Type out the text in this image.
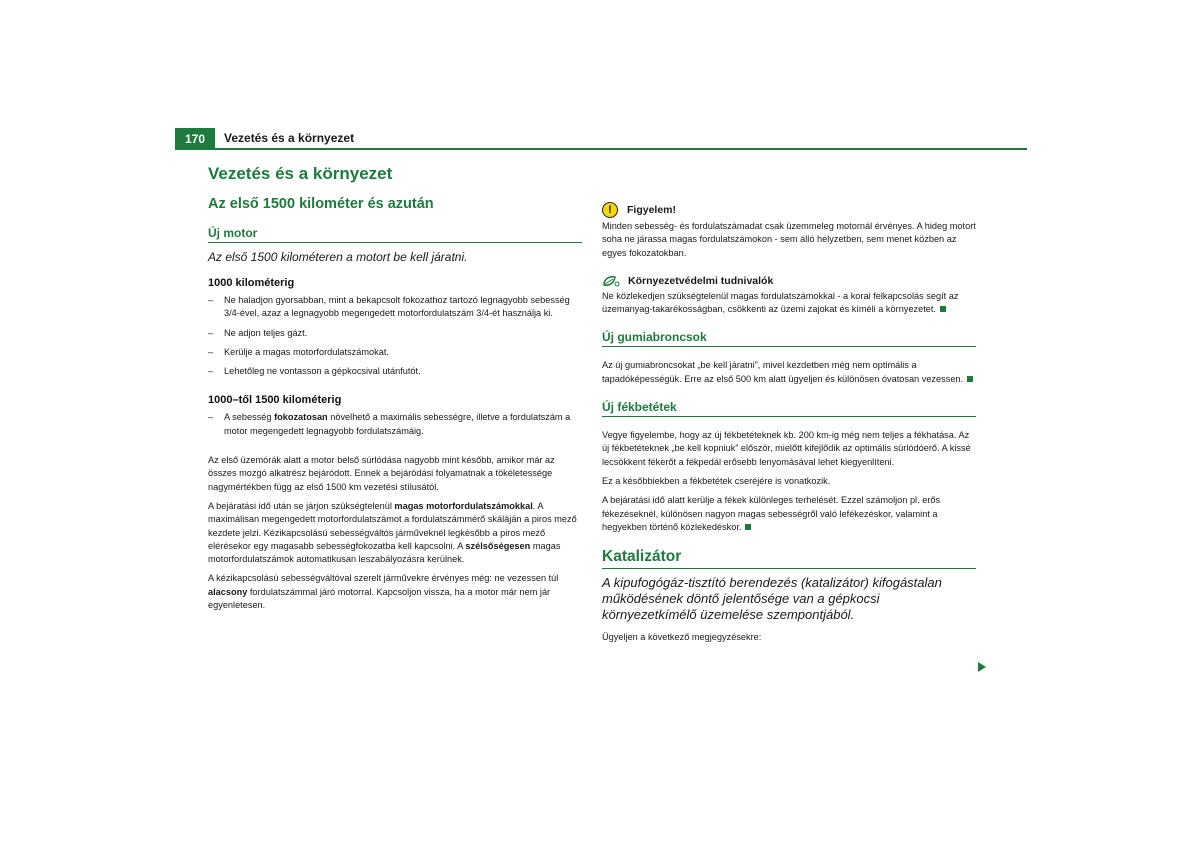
170	Vezetés és a környezet
Vezetés és a környezet
Az első 1500 kilométer és azután
Új motor
Az első 1500 kilométeren a motort be kell járatni.
1000 kilométerig
– Ne haladjon gyorsabban, mint a bekapcsolt fokozathoz tartozó legnagyobb sebesség 3/4-ével, azaz a legnagyobb megengedett motorfordulatszám 3/4-ét használja ki.
– Ne adjon teljes gázt.
– Kerülje a magas motorfordulatszámokat.
– Lehetőleg ne vontasson a gépkocsival utánfutót.
1000–től 1500 kilométerig
– A sebesség fokozatosan növelhető a maximális sebességre, illetve a fordulatszám a motor megengedett legnagyobb fordulatszámáig.

Az első üzemórák alatt a motor belső súrlódása nagyobb mint később, amikor már az összes mozgó alkatrész bejáródott. Ennek a bejáródási folyamatnak a tökéletessége nagymértékben függ az első 1500 km vezetési stílusától.

A bejáratási idő után se járjon szükségtelenül magas motorfordulatszámokkal. A maximálisan megengedett motorfordulatszámot a fordulatszámmérő skáláján a piros mező kezdete jelzi. Kézikapcsolású sebességváltós járműveknél legkésőbb a piros mező elérésekor egy magasabb sebességfokozatba kell kapcsolni. A szélsőségesen magas motorfordulatszámok automatikusan leszabályozásra kerülnek.

A kézikapcsolású sebességváltóval szerelt járművekre érvényes még: ne vezessen túl alacsony fordulatszámmal járó motorral. Kapcsoljon vissza, ha a motor már nem jár egyenletesen.

!	Figyelem!

Minden sebesség- és fordulatszámadat csak üzemmeleg motornál érvényes. A hideg motort soha ne járassa magas fordulatszámokon - sem álló helyzetben, sem menet közben az egyes fokozatokban.

Környezetvédelmi tudnivalók

Ne közlekedjen szükségtelenül magas fordulatszámokkal - a korai felkapcsolás segít az üzemanyag-takarékosságban, csökkenti az üzemi zajokat és kíméli a környezetet.

Új gumiabroncsok

Az új gumiabroncsokat „be kell járatni”, mivel kezdetben még nem optimális a tapadóképességük. Erre az első 500 km alatt ügyeljen és különösen óvatosan vezessen.

Új fékbetétek

Vegye figyelembe, hogy az új fékbetéteknek kb. 200 km-ig még nem teljes a fékhatása. Az új fékbetéteknek „be kell kopniuk” először, mielőtt kifejlődik az optimális súrlódóerő. A kissé lecsökkent fékerőt a fékpedál erősebb lenyomásával lehet kiegyenlíteni.

Ez a későbbiekben a fékbetétek cseréjére is vonatkozik.

A bejáratási idő alatt kerülje a fékek különleges terhelését. Ezzel számoljon pl. erős fékezéseknél, különösen nagyon magas sebességről való lefékezéskor, valamint a hegyekben történő közlekedéskor.

Katalizátor
A kipufogógáz-tisztító berendezés (katalizátor) kifogástalan működésének döntő jelentősége van a gépkocsi környezetkímélő üzemelése szempontjából.

Ügyeljen a következő megjegyzésekre:
